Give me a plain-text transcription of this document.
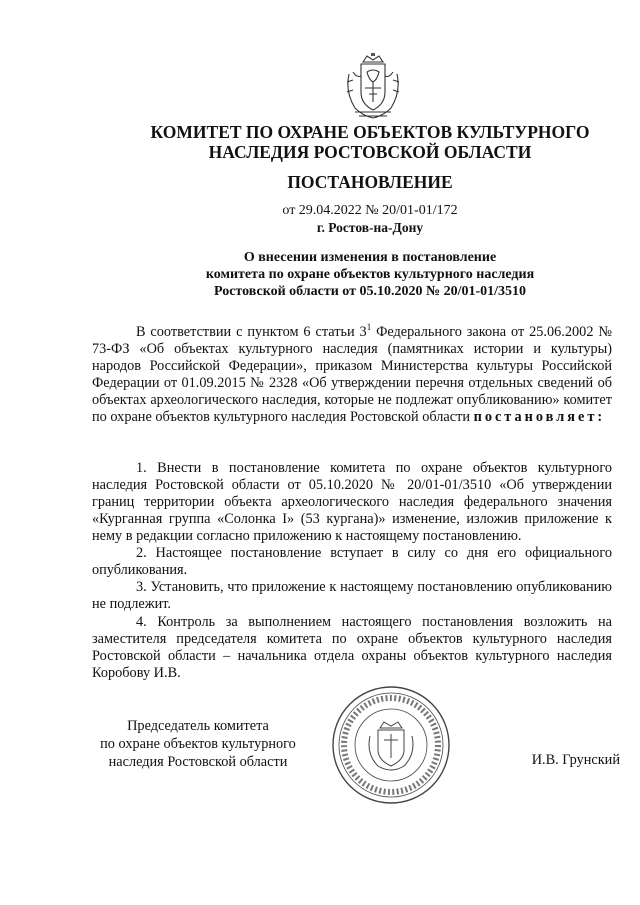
КОМИТЕТ ПО ОХРАНЕ ОБЪЕКТОВ КУЛЬТУРНОГО
НАСЛЕДИЯ РОСТОВСКОЙ ОБЛАСТИ
ПОСТАНОВЛЕНИЕ
от 29.04.2022 № 20/01-01/172
г. Ростов-на-Дону
О внесении изменения в постановление
комитета по охране объектов культурного наследия
Ростовской области от 05.10.2020 № 20/01-01/3510
В соответствии с пунктом 6 статьи $3^1$ Федерального закона от 25.06.2002 № 73-ФЗ «Об объектах культурного наследия (памятниках истории и культуры) народов Российской Федерации», приказом Министерства культуры Российской Федерации от 01.09.2015 № 2328 «Об утверждении перечня отдельных сведений об объектах археологического наследия, которые не подлежат опубликованию» комитет по охране объектов культурного наследия Ростовской области постановляет:
1. Внести в постановление комитета по охране объектов культурного наследия Ростовской области от 05.10.2020 № 20/01-01/3510 «Об утверждении границ территории объекта археологического наследия федерального значения «Курганная группа «Солонка I» (53 кургана)» изменение, изложив приложение к нему в редакции согласно приложению к настоящему постановлению.
2. Настоящее постановление вступает в силу со дня его официального опубликования.
3. Установить, что приложение к настоящему постановлению опубликованию не подлежит.
4. Контроль за выполнением настоящего постановления возложить на заместителя председателя комитета по охране объектов культурного наследия Ростовской области – начальника отдела охраны объектов культурного наследия Коробову И.В.
Председатель комитета
по охране объектов культурного
наследия Ростовской области	И.В. Грунский
